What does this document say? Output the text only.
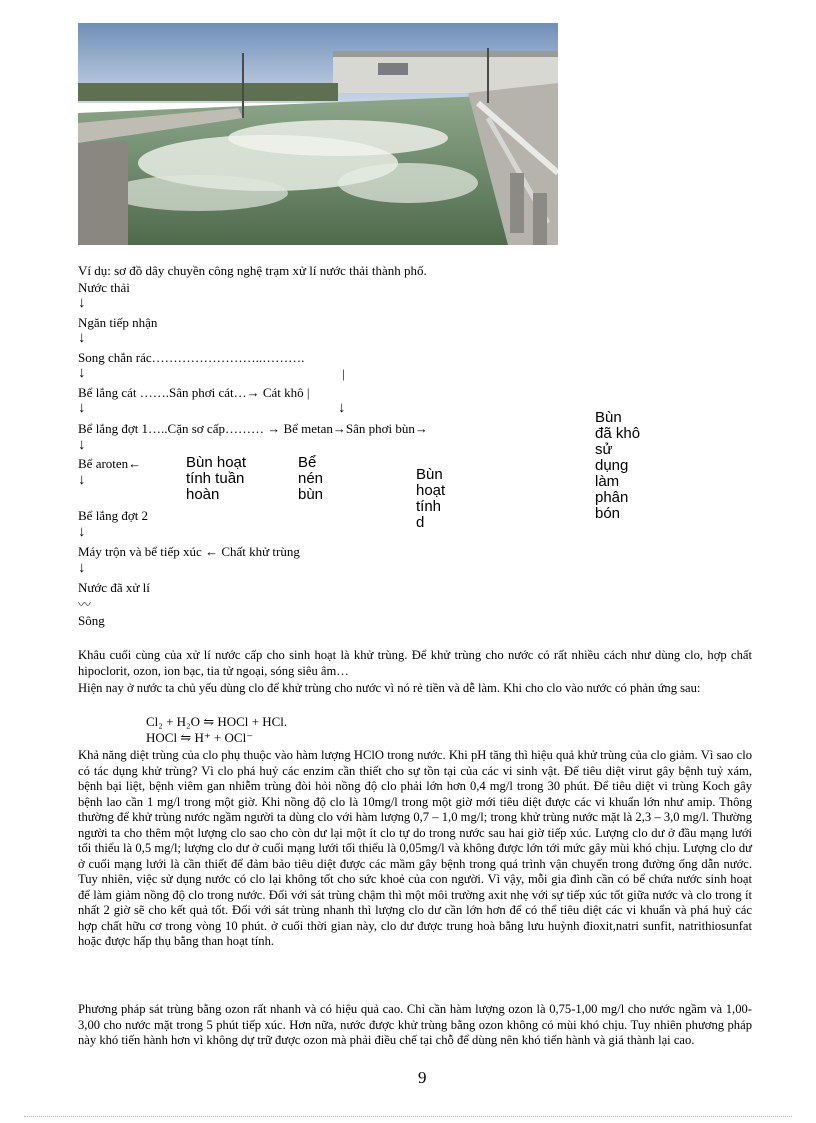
Ví dụ: sơ đồ dây chuyền công nghệ trạm xử lí nước thải thành phố.
Nước thải
↓
Ngăn tiếp nhận
↓
Song chắn rác……………………..……….
↓	|
Bể lắng cát …….Sân phơi cát…→ Cát khô |
↓	↓
Bể lắng đợt 1…..Cặn sơ cấp……… → Bể metan→Sân phơi bùn→
↓
Bể aroten←
↓
Bể lắng đợt 2
↓
Máy trộn và bể tiếp xúc ← Chất khử trùng
↓
Nước đã xử lí
〰
Sông
Bùn hoạt
tính tuần
hoàn
Bể
nén
bùn
Bùn
hoạt
tính
d
Bùn
đã khô
sử
dụng
làm
phân
bón
Khâu cuối cùng của xử lí nước cấp cho sinh hoạt là khử trùng. Để khử trùng cho nước có rất nhiều cách như dùng clo, hợp chất hipoclorit, ozon, ion bạc, tia tử ngoại, sóng siêu âm…
Hiện nay ở nước ta chủ yếu dùng clo để khử trùng cho nước vì nó rẻ tiền và dễ làm. Khi cho clo vào nước có phản ứng sau:
Cl₂ + H₂O ⇋ HOCl + HCl.
HOCl ⇋ H⁺ + OCl⁻
Khả năng diệt trùng của clo phụ thuộc vào hàm lượng HClO trong nước. Khi pH tăng thì hiệu quả khử trùng của clo giảm. Vì sao clo có tác dụng khử trùng? Vì clo phá huỷ các enzim cần thiết cho sự tồn tại của các vi sinh vật. Để tiêu diệt virut gây bệnh tuỷ xám, bệnh bại liệt, bệnh viêm gan nhiễm trùng đòi hỏi nồng độ clo phải lớn hơn 0,4 mg/l trong 30 phút. Để tiêu diệt vi trùng Koch gây bệnh lao cần 1 mg/l trong một giờ. Khi nồng độ clo là 10mg/l trong một giờ mới tiêu diệt được các vi khuẩn lớn như amip. Thông thường để khử trùng nước ngầm người ta dùng clo với hàm lượng 0,7 – 1,0 mg/l; trong khử trùng nước mặt là 2,3 – 3,0 mg/l. Thường người ta cho thêm một lượng clo sao cho còn dư lại một ít clo tự do trong nước sau hai giờ tiếp xúc. Lượng clo dư ở đầu mạng lưới tối thiểu là 0,5 mg/l; lượng clo dư ở cuối mạng lưới tối thiểu là 0,05mg/l và không được lớn tới mức gây mùi khó chịu. Lượng clo dư ở cuối mạng lưới là cần thiết để đảm bảo tiêu diệt được các mầm gây bệnh trong quá trình vận chuyển trong đường ống dẫn nước. Tuy nhiên, việc sử dụng nước có clo lại không tốt cho sức khoẻ của con người. Vì vậy, mỗi gia đình cần có bể chứa nước sinh hoạt để làm giảm nồng độ clo trong nước. Đối với sát trùng chậm thì một môi trường axit nhẹ với sự tiếp xúc tốt giữa nước và clo trong ít nhất 2 giờ sẽ cho kết quả tốt. Đối với sát trùng nhanh thì lượng clo dư cần lớn hơn để có thể tiêu diệt các vi khuẩn và phá huỷ các hợp chất hữu cơ trong vòng 10 phút. ở cuối thời gian này, clo dư được trung hoà bằng lưu huỳnh đioxit,natri sunfit, natrithiosunfat hoặc được hấp thụ bằng than hoạt tính.
Phương pháp sát trùng bằng ozon rất nhanh và có hiệu quả cao. Chỉ cần hàm lượng ozon là 0,75-1,00 mg/l cho nước ngầm và 1,00-3,00 cho nước mặt trong 5 phút tiếp xúc. Hơn nữa, nước được khử trùng bằng ozon không có mùi khó chịu. Tuy nhiên phương pháp này khó tiến hành hơn vì không dự trữ được ozon mà phải điều chế tại chỗ để dùng nên khó tiến hành và giá thành lại cao.
9
